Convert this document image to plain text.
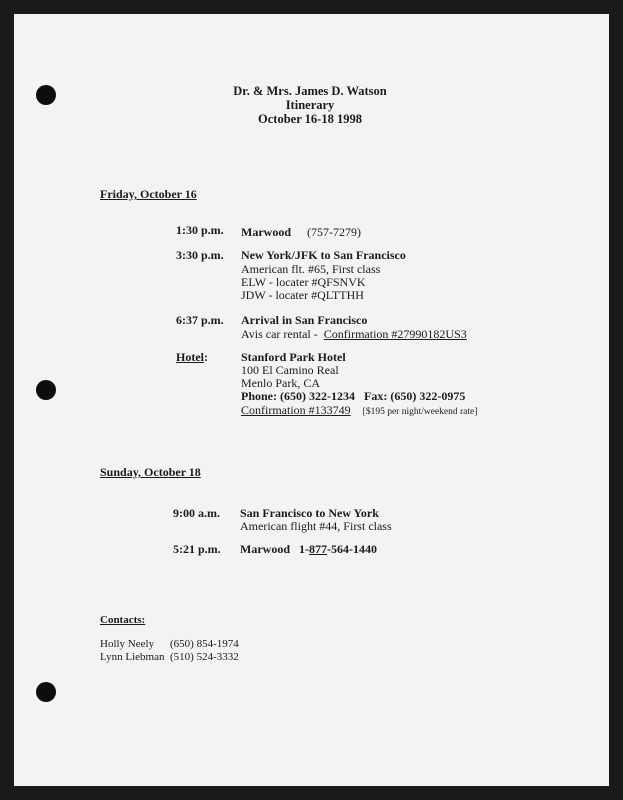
Dr. & Mrs. James D. Watson
Itinerary
October 16-18 1998
Friday, October 16
1:30 p.m. Marwood (757-7279)
3:30 p.m. New York/JFK to San Francisco
American flt. #65, First class
ELW - locater #QFSNVK
JDW - locater #QLTTHH
6:37 p.m. Arrival in San Francisco
Avis car rental - Confirmation #27990182US3
Hotel:	Stanford Park Hotel
100 El Camino Real
Menlo Park, CA
Phone: (650) 322-1234 Fax: (650) 322-0975
Confirmation #133749 [$195 per night/weekend rate]
Sunday, October 18
9:00 a.m. San Francisco to New York
American flight #44, First class
5:21 p.m. Marwood 1-877-564-1440
Contacts:
Holly Neely (650) 854-1974
Lynn Liebman (510) 524-3332
